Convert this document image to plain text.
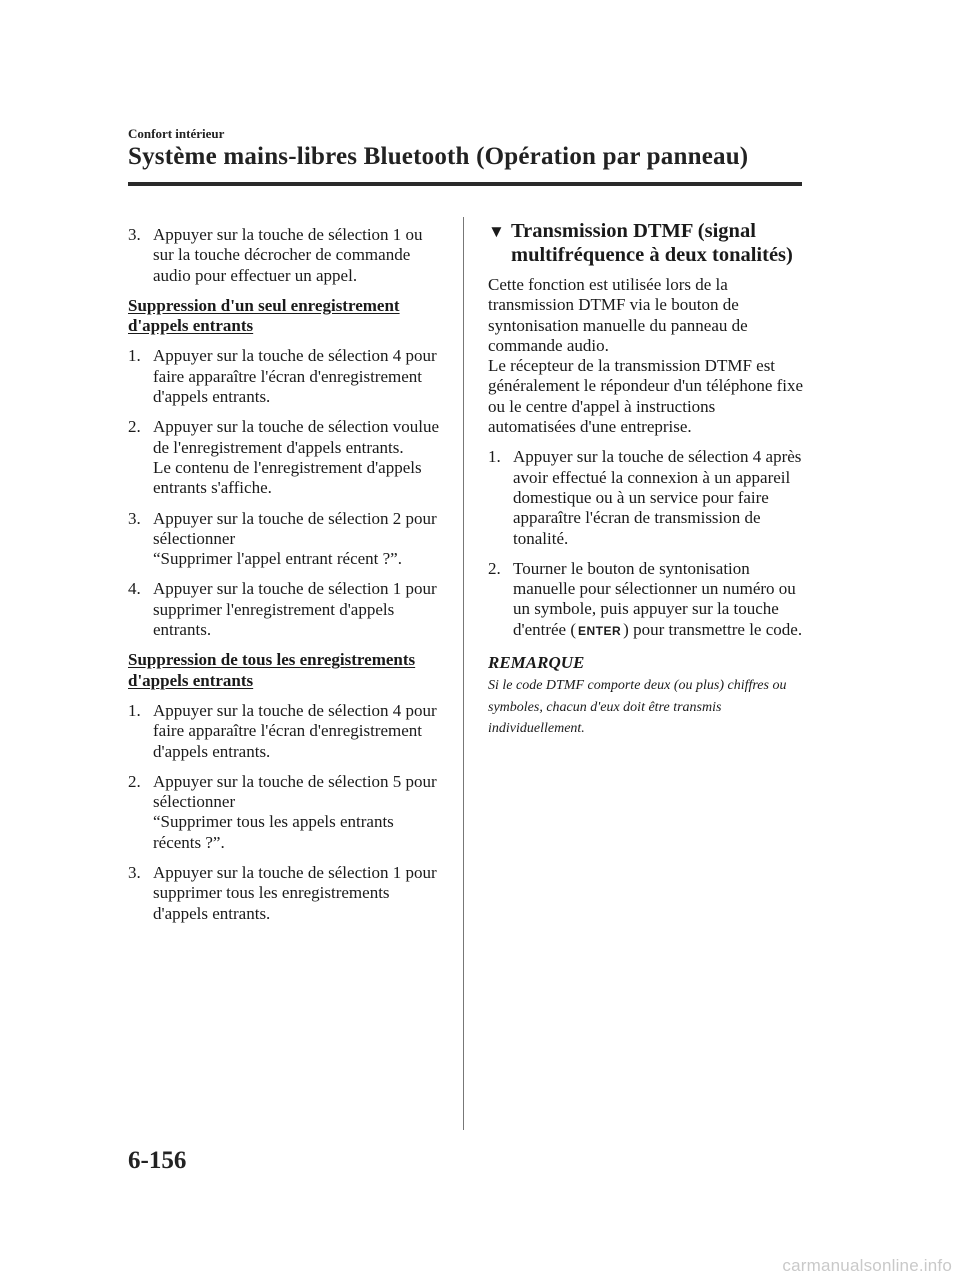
Confort intérieur
Système mains-libres Bluetooth (Opération par panneau)
3. Appuyer sur la touche de sélection 1 ou sur la touche décrocher de commande audio pour effectuer un appel.

Suppression d'un seul enregistrement d'appels entrants

1. Appuyer sur la touche de sélection 4 pour faire apparaître l'écran d'enregistrement d'appels entrants.

2. Appuyer sur la touche de sélection voulue de l'enregistrement d'appels entrants.

Le contenu de l'enregistrement d'appels entrants s'affiche.

3. Appuyer sur la touche de sélection 2 pour sélectionner

“Supprimer l'appel entrant récent ?”.

4. Appuyer sur la touche de sélection 1 pour supprimer l'enregistrement d'appels entrants.

Suppression de tous les enregistrements d'appels entrants

1. Appuyer sur la touche de sélection 4 pour faire apparaître l'écran d'enregistrement d'appels entrants.

2. Appuyer sur la touche de sélection 5 pour sélectionner

“Supprimer tous les appels entrants récents ?”.

3. Appuyer sur la touche de sélection 1 pour supprimer tous les enregistrements d'appels entrants.

▼ Transmission DTMF (signal multifréquence à deux tonalités)

Cette fonction est utilisée lors de la transmission DTMF via le bouton de syntonisation manuelle du panneau de commande audio.
Le récepteur de la transmission DTMF est généralement le répondeur d'un téléphone fixe ou le centre d'appel à instructions automatisées d'une entreprise.

1. Appuyer sur la touche de sélection 4 après avoir effectué la connexion à un appareil domestique ou à un service pour faire apparaître l'écran de transmission de tonalité.

2. Tourner le bouton de syntonisation manuelle pour sélectionner un numéro ou un symbole, puis appuyer sur la touche d'entrée ( ENTER ) pour transmettre le code.

REMARQUE

Si le code DTMF comporte deux (ou plus) chiffres ou symboles, chacun d'eux doit être transmis individuellement.

6-156
carmanualsonline.info
